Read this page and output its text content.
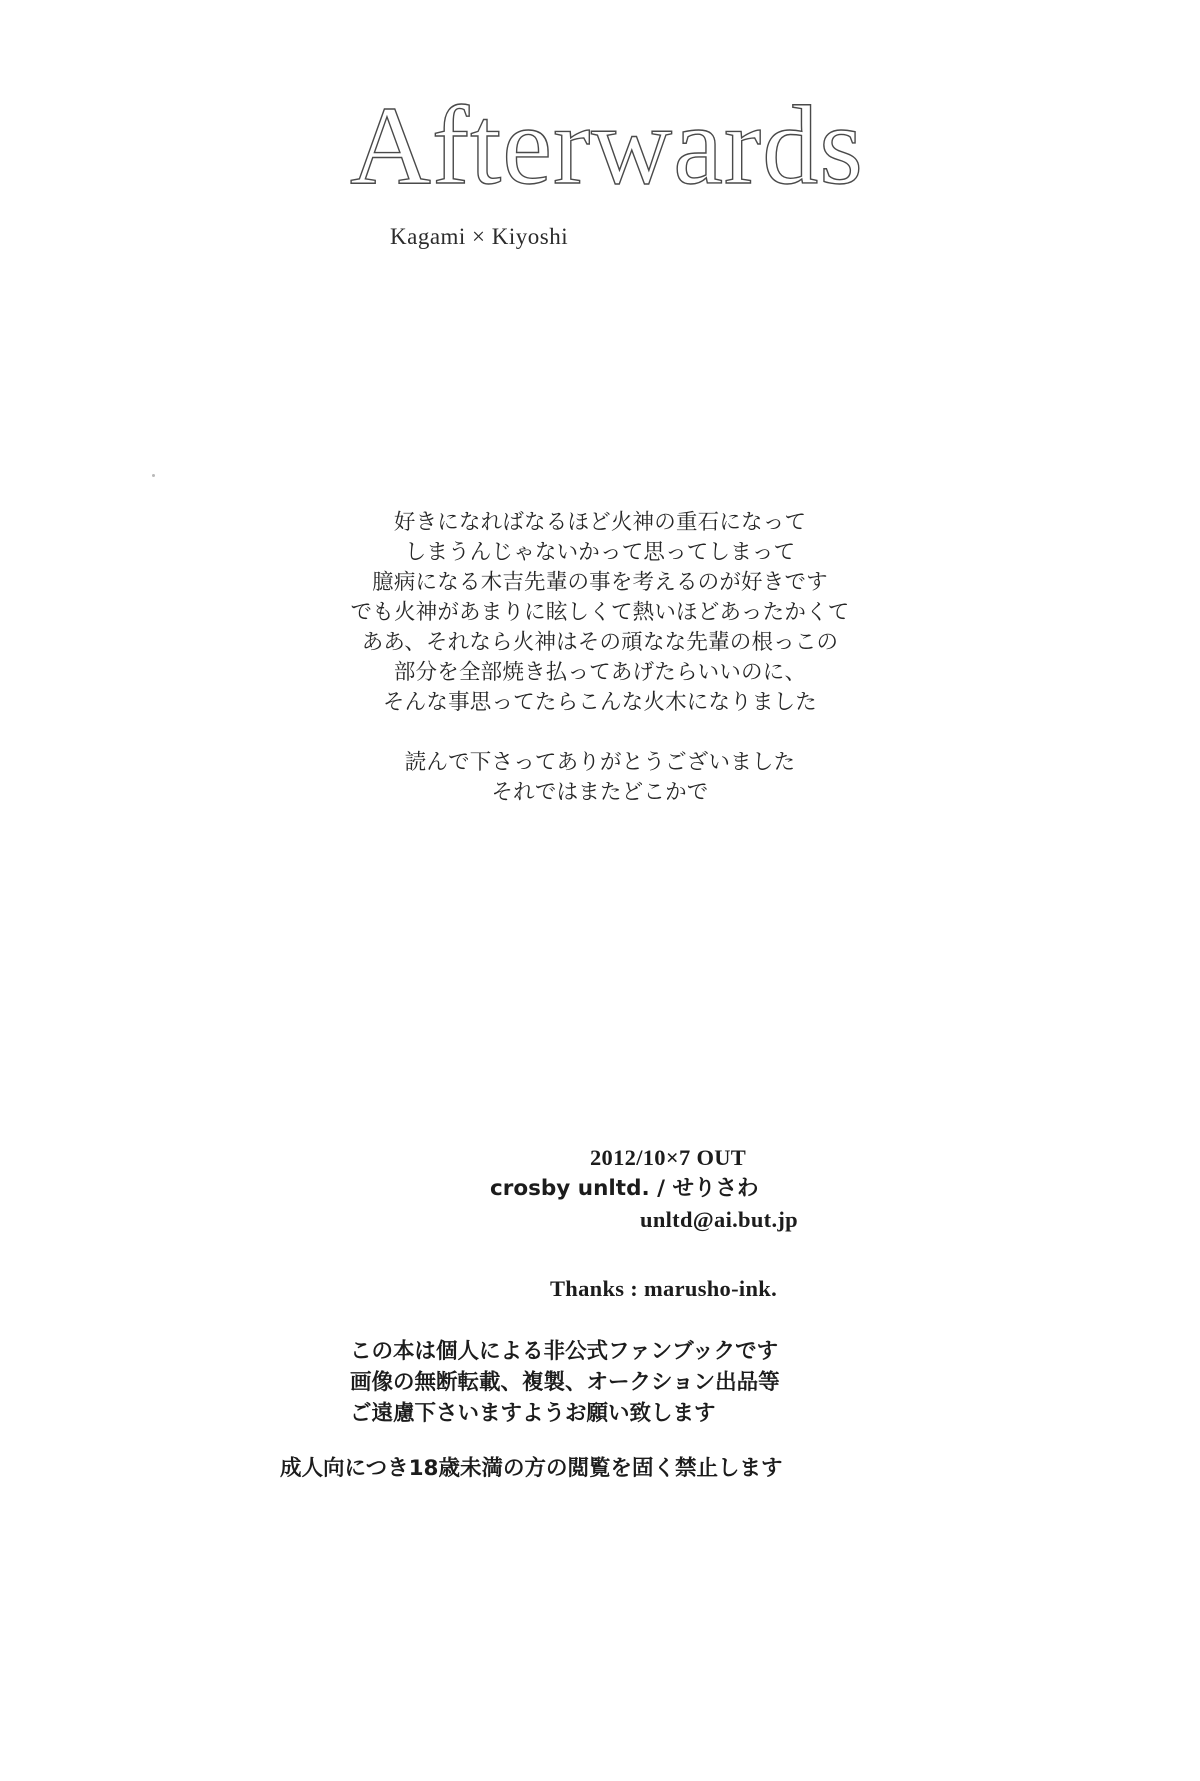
Afterwards
Kagami × Kiyoshi
好きになればなるほど火神の重石になって
しまうんじゃないかって思ってしまって
臆病になる木吉先輩の事を考えるのが好きです
でも火神があまりに眩しくて熱いほどあったかくて
ああ、それなら火神はその頑なな先輩の根っこの
部分を全部焼き払ってあげたらいいのに、
そんな事思ってたらこんな火木になりました
読んで下さってありがとうございました
それではまたどこかで
2012/10×7 OUT
crosby unltd. / せりさわ
unltd@ai.but.jp
Thanks : marusho-ink.
この本は個人による非公式ファンブックです
画像の無断転載、複製、オークション出品等
ご遠慮下さいますようお願い致します
成人向につき18歳未満の方の閲覧を固く禁止します
